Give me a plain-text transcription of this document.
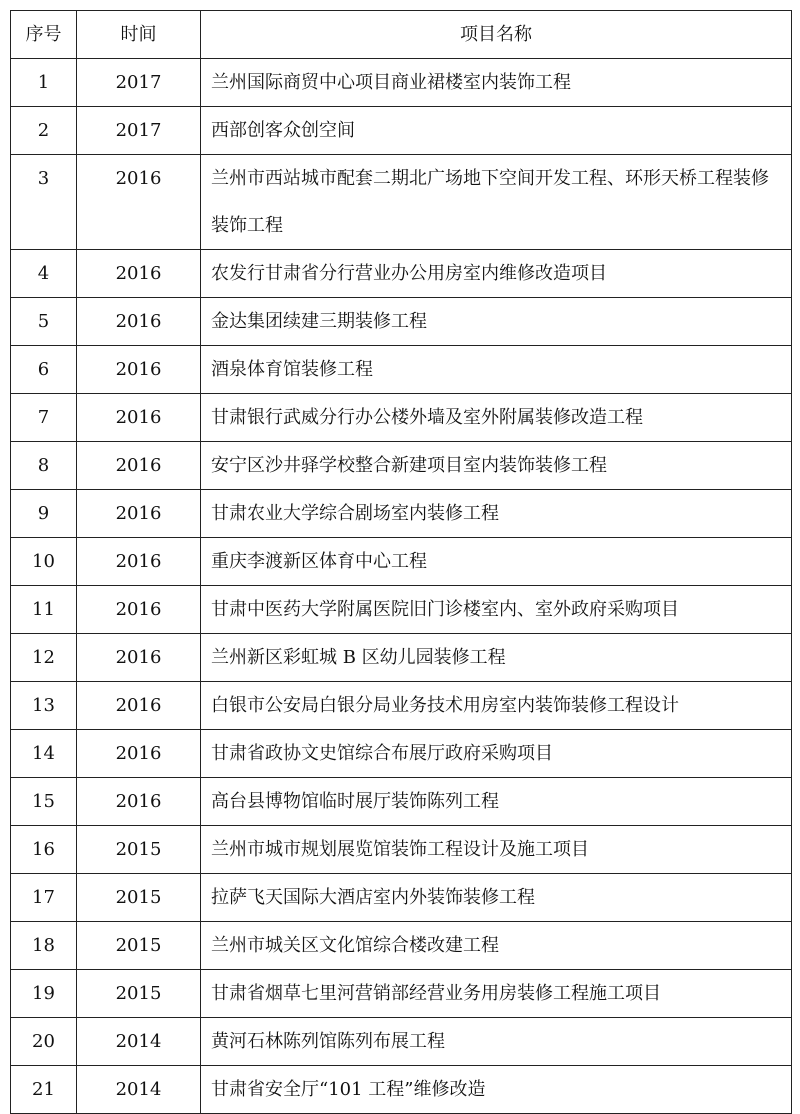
序号	时间	项目名称
1	2017	兰州国际商贸中心项目商业裙楼室内装饰工程
2	2017	西部创客众创空间
3	2016	兰州市西站城市配套二期北广场地下空间开发工程、环形天桥工程装修装饰工程
4	2016	农发行甘肃省分行营业办公用房室内维修改造项目
5	2016	金达集团续建三期装修工程
6	2016	酒泉体育馆装修工程
7	2016	甘肃银行武威分行办公楼外墙及室外附属装修改造工程
8	2016	安宁区沙井驿学校整合新建项目室内装饰装修工程
9	2016	甘肃农业大学综合剧场室内装修工程
10	2016	重庆李渡新区体育中心工程
11	2016	甘肃中医药大学附属医院旧门诊楼室内、室外政府采购项目
12	2016	兰州新区彩虹城 B 区幼儿园装修工程
13	2016	白银市公安局白银分局业务技术用房室内装饰装修工程设计
14	2016	甘肃省政协文史馆综合布展厅政府采购项目
15	2016	高台县博物馆临时展厅装饰陈列工程
16	2015	兰州市城市规划展览馆装饰工程设计及施工项目
17	2015	拉萨飞天国际大酒店室内外装饰装修工程
18	2015	兰州市城关区文化馆综合楼改建工程
19	2015	甘肃省烟草七里河营销部经营业务用房装修工程施工项目
20	2014	黄河石林陈列馆陈列布展工程
21	2014	甘肃省安全厅“101 工程”维修改造
